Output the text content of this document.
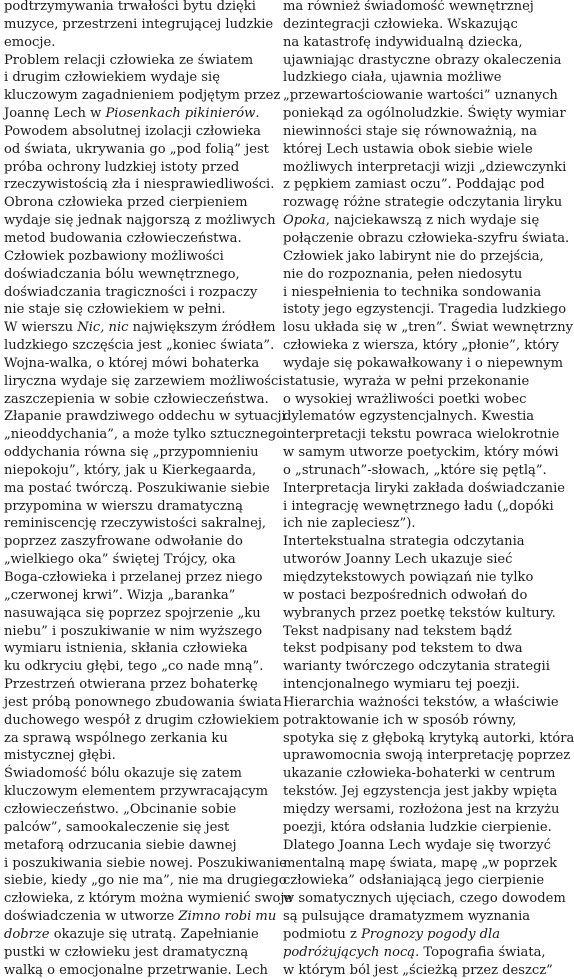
podtrzymywania trwałości bytu dzięki
muzyce, przestrzeni integrującej ludzkie
emocje.
Problem relacji człowieka ze światem
i drugim człowiekiem wydaje się
kluczowym zagadnieniem podjętym przez
Joannę Lech w Piosenkach pikinierów.
Powodem absolutnej izolacji człowieka
od świata, ukrywania go „pod folią” jest
próba ochrony ludzkiej istoty przed
rzeczywistością zła i niesprawiedliwości.
Obrona człowieka przed cierpieniem
wydaje się jednak najgorszą z możliwych
metod budowania człowieczeństwa.
Człowiek pozbawiony możliwości
doświadczania bólu wewnętrznego,
doświadczania tragiczności i rozpaczy
nie staje się człowiekiem w pełni.
W wierszu Nic, nic największym źródłem
ludzkiego szczęścia jest „koniec świata”.
Wojna-walka, o której mówi bohaterka
liryczna wydaje się zarzewiem możliwości
zaszczepienia w sobie człowieczeństwa.
Złapanie prawdziwego oddechu w sytuacji
„nieoddychania”, a może tylko sztucznego
oddychania równa się „przypomnieniu
niepokoju”, który, jak u Kierkegaarda,
ma postać twórczą. Poszukiwanie siebie
przypomina w wierszu dramatyczną
reminiscencję rzeczywistości sakralnej,
poprzez zaszyfrowane odwołanie do
„wielkiego oka” świętej Trójcy, oka
Boga-człowieka i przelanej przez niego
„czerwonej krwi”. Wizja „baranka”
nasuwająca się poprzez spojrzenie „ku
niebu” i poszukiwanie w nim wyższego
wymiaru istnienia, skłania człowieka
ku odkryciu głębi, tego „co nade mną”.
Przestrzeń otwierana przez bohaterkę
jest próbą ponownego zbudowania świata
duchowego wespół z drugim człowiekiem
za sprawą wspólnego zerkania ku
mistycznej głębi.
Świadomość bólu okazuje się zatem
kluczowym elementem przywracającym
człowieczeństwo. „Obcinanie sobie
palców”, samookaleczenie się jest
metaforą odrzucania siebie dawnej
i poszukiwania siebie nowej. Poszukiwanie
siebie, kiedy „go nie ma”, nie ma drugiego
człowieka, z którym można wymienić swoje
doświadczenia w utworze Zimno robi mu
dobrze okazuje się utratą. Zapełnianie
pustki w człowieku jest dramatyczną
walką o emocjonalne przetrwanie. Lech
ma również świadomość wewnętrznej
dezintegracji człowieka. Wskazując
na katastrofę indywidualną dziecka,
ujawniając drastyczne obrazy okaleczenia
ludzkiego ciała, ujawnia możliwe
„przewartościowanie wartości” uznanych
poniekąd za ogólnoludzkie. Święty wymiar
niewinności staje się równoważnią, na
której Lech ustawia obok siebie wiele
możliwych interpretacji wizji „dziewczynki
z pępkiem zamiast oczu”. Poddając pod
rozwagę różne strategie odczytania liryku
Opoka, najciekawszą z nich wydaje się
połączenie obrazu człowieka-szyfru świata.
Człowiek jako labirynt nie do przejścia,
nie do rozpoznania, pełen niedosytu
i niespełnienia to technika sondowania
istoty jego egzystencji. Tragedia ludzkiego
losu układa się w „tren”. Świat wewnętrzny
człowieka z wiersza, który „płonie”, który
wydaje się pokawałkowany i o niepewnym
statusie, wyraża w pełni przekonanie
o wysokiej wrażliwości poetki wobec
dylematów egzystencjalnych. Kwestia
interpretacji tekstu powraca wielokrotnie
w samym utworze poetyckim, który mówi
o „strunach”-słowach, „które się pętlą”.
Interpretacja liryki zakłada doświadczanie
i integrację wewnętrznego ładu („dopóki
ich nie zapleciesz”).
Intertekstualna strategia odczytania
utworów Joanny Lech ukazuje sieć
międzytekstowych powiązań nie tylko
w postaci bezpośrednich odwołań do
wybranych przez poetkę tekstów kultury.
Tekst nadpisany nad tekstem bądź
tekst podpisany pod tekstem to dwa
warianty twórczego odczytania strategii
intencjonalnego wymiaru tej poezji.
Hierarchia ważności tekstów, a właściwie
potraktowanie ich w sposób równy,
spotyka się z głęboką krytyką autorki, która
uprawomocnia swoją interpretację poprzez
ukazanie człowieka-bohaterki w centrum
tekstów. Jej egzystencja jest jakby wpięta
między wersami, rozłożona jest na krzyżu
poezji, która odsłania ludzkie cierpienie.
Dlatego Joanna Lech wydaje się tworzyć
mentalną mapę świata, mapę „w poprzek
człowieka” odsłaniającą jego cierpienie
w somatycznych ujęciach, czego dowodem
są pulsujące dramatyzmem wyznania
podmiotu z Prognozy pogody dla
podróżujących nocą. Topografia świata,
w którym ból jest „ścieżką przez deszcz”
